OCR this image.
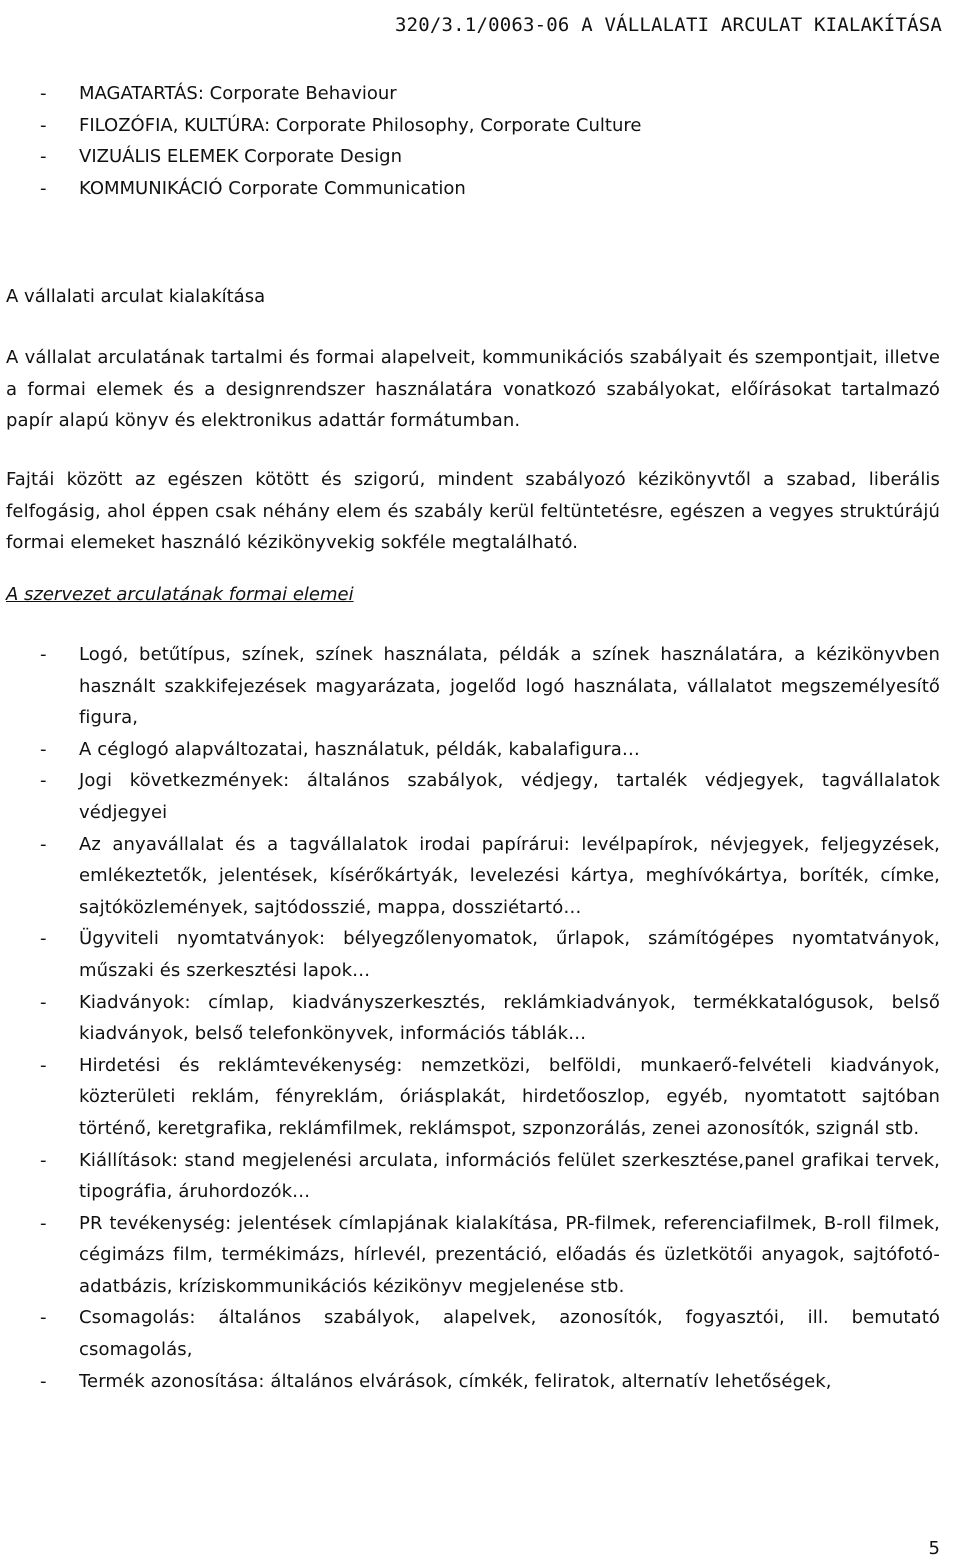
320/3.1/0063-06 A VÁLLALATI ARCULAT KIALAKÍTÁSA
- MAGATARTÁS: Corporate Behaviour
- FILOZÓFIA, KULTÚRA: Corporate Philosophy, Corporate Culture
- VIZUÁLIS ELEMEK Corporate Design
- KOMMUNIKÁCIÓ Corporate Communication
A vállalati arculat kialakítása

A vállalat arculatának tartalmi és formai alapelveit, kommunikációs szabályait és szempontjait, illetve a formai elemek és a designrendszer használatára vonatkozó szabályokat, előírásokat tartalmazó papír alapú könyv és elektronikus adattár formátumban.

Fajtái között az egészen kötött és szigorú, mindent szabályozó kézikönyvtől a szabad, liberális felfogásig, ahol éppen csak néhány elem és szabály kerül feltüntetésre, egészen a vegyes struktúrájú formai elemeket használó kézikönyvekig sokféle megtalálható.

A szervezet arculatának formai elemei
- Logó, betűtípus, színek, színek használata, példák a színek használatára, a kézikönyvben használt szakkifejezések magyarázata, jogelőd logó használata, vállalatot megszemélyesítő figura,
- A céglogó alapváltozatai, használatuk, példák, kabalafigura…
- Jogi következmények: általános szabályok, védjegy, tartalék védjegyek, tagvállalatok védjegyei
- Az anyavállalat és a tagvállalatok irodai papírárui: levélpapírok, névjegyek, feljegyzések, emlékeztetők, jelentések, kísérőkártyák, levelezési kártya, meghívókártya, boríték, címke, sajtóközlemények, sajtódosszié, mappa, dossziétartó…
- Ügyviteli nyomtatványok: bélyegzőlenyomatok, űrlapok, számítógépes nyomtatványok, műszaki és szerkesztési lapok…
- Kiadványok: címlap, kiadványszerkesztés, reklámkiadványok, termékkatalógusok, belső kiadványok, belső telefonkönyvek, információs táblák…
- Hirdetési és reklámtevékenység: nemzetközi, belföldi, munkaerő-felvételi kiadványok, közterületi reklám, fényreklám, óriásplakát, hirdetőoszlop, egyéb, nyomtatott sajtóban történő, keretgrafika, reklámfilmek, reklámspot, szponzorálás, zenei azonosítók, szignál stb.
- Kiállítások: stand megjelenési arculata, információs felület szerkesztése,panel grafikai tervek, tipográfia, áruhordozók…
- PR tevékenység: jelentések címlapjának kialakítása, PR-filmek, referenciafilmek, B-roll filmek, cégimázs film, termékimázs, hírlevél, prezentáció, előadás és üzletkötői anyagok, sajtófotó-adatbázis, kríziskommunikációs kézikönyv megjelenése stb.
- Csomagolás: általános szabályok, alapelvek, azonosítók, fogyasztói, ill. bemutató csomagolás,
- Termék azonosítása: általános elvárások, címkék, feliratok, alternatív lehetőségek,
5
